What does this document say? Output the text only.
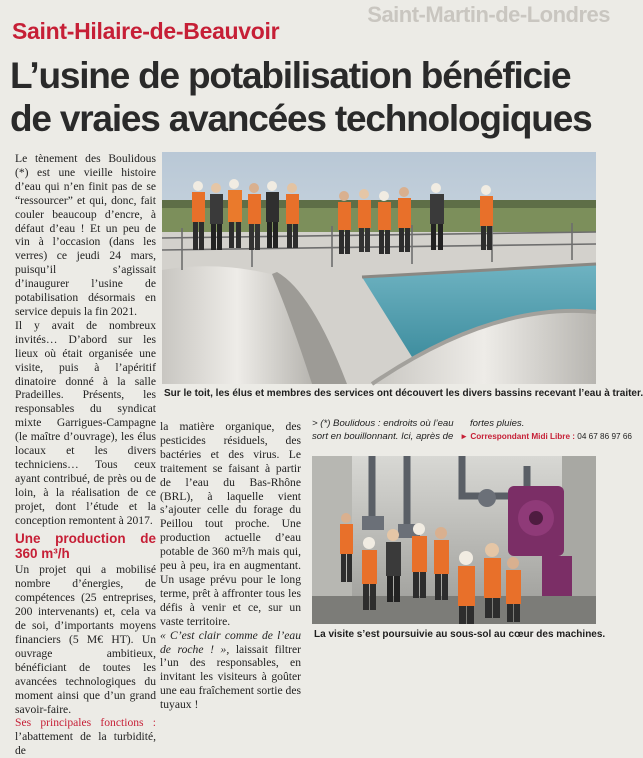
Saint-Martin-de-Londres
Saint-Hilaire-de-Beauvoir
L’usine de potabilisation bénéficie
de vraies avancées technologiques

Le tènement des Boulidous (*) est une vieille histoire d’eau qui n’en finit pas de se “ressourcer” et qui, donc, fait couler beaucoup d’encre, à défaut d’eau ! Et un peu de vin à l’occasion (dans les verres) ce jeudi 24 mars, puisqu’il s’agissait d’inaugurer l’usine de potabilisation désormais en service depuis la fin 2021.

Il y avait de nombreux invités… D’abord sur les lieux où était organisée une visite, puis à l’apéritif dinatoire donné à la salle Pradeilles. Présents, les responsables du syndicat mixte Garrigues-Campagne (le maître d’ouvrage), les élus locaux et les divers techniciens… Tous ceux ayant contribué, de près ou de loin, à la réalisation de ce projet, dont l’étude et la conception remontent à 2017.

Une production de 360 m³/h

Un projet qui a mobilisé nombre d’énergies, de compétences (25 entreprises, 200 intervenants) et, cela va de soi, d’importants moyens financiers (5 M€ HT). Un ouvrage ambitieux, bénéficiant de toutes les avancées technologiques du moment ainsi que d’un grand savoir-faire.

Ses principales fonctions : l’abattement de la turbidité, de

Sur le toit, les élus et membres des services ont découvert les divers bassins recevant l’eau à traiter.

la matière organique, des pesticides résiduels, des bactéries et des virus. Le traitement se faisant à partir de l’eau du Bas-Rhône (BRL), à laquelle vient s’ajouter celle du forage du Peillou tout proche. Une production actuelle d’eau potable de 360 m³/h mais qui, peu à peu, ira en augmentant. Un usage prévu pour le long terme, prêt à affronter tous les défis à venir et ce, sur un vaste territoire.

« C’est clair comme de l’eau de roche ! », laissait filtrer l’un des responsables, en invitant les visiteurs à goûter une eau fraîchement sortie des tuyaux !

> (*) Boulidous : endroits où l’eau
sort en bouillonnant. Ici, après de
fortes pluies.
► Correspondant Midi Libre : 04 67 86 97 66
La visite s’est poursuivie au sous-sol au cœur des machines.
